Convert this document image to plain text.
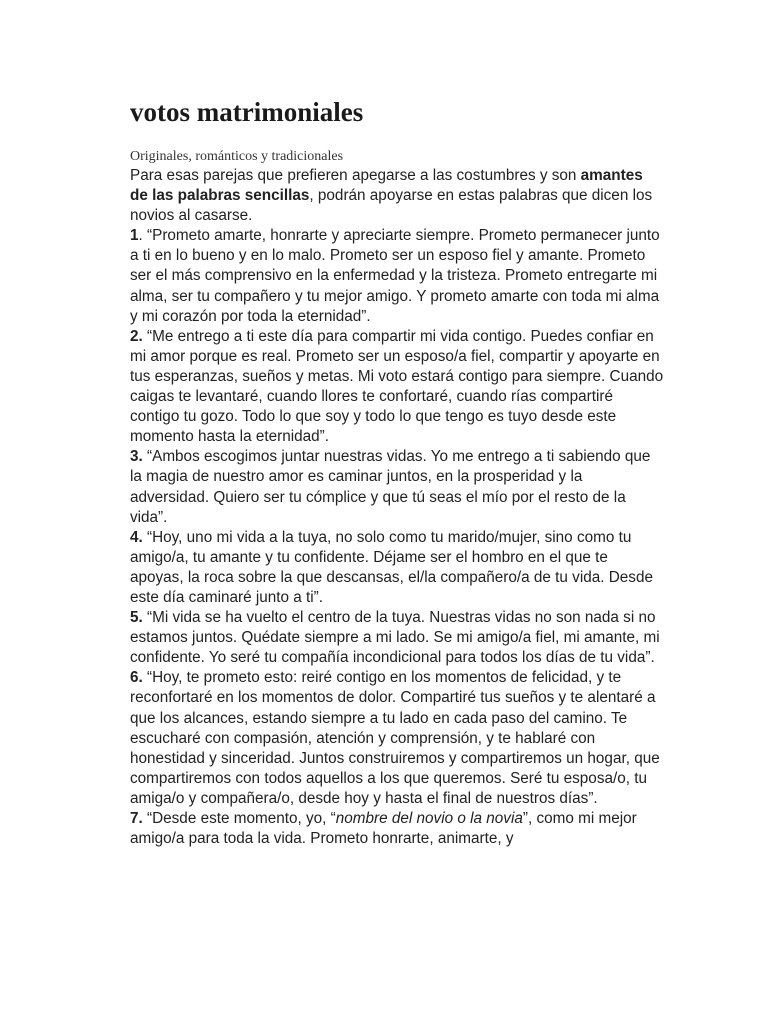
votos matrimoniales

Originales, románticos y tradicionales

Para esas parejas que prefieren apegarse a las costumbres y son amantes de las palabras sencillas, podrán apoyarse en estas palabras que dicen los novios al casarse.

1. “Prometo amarte, honrarte y apreciarte siempre. Prometo permanecer junto a ti en lo bueno y en lo malo. Prometo ser un esposo fiel y amante. Prometo ser el más comprensivo en la enfermedad y la tristeza. Prometo entregarte mi alma, ser tu compañero y tu mejor amigo. Y prometo amarte con toda mi alma y mi corazón por toda la eternidad”.

2. “Me entrego a ti este día para compartir mi vida contigo. Puedes confiar en mi amor porque es real. Prometo ser un esposo/a fiel, compartir y apoyarte en tus esperanzas, sueños y metas. Mi voto estará contigo para siempre. Cuando caigas te levantaré, cuando llores te confortaré, cuando rías compartiré contigo tu gozo. Todo lo que soy y todo lo que tengo es tuyo desde este momento hasta la eternidad”.

3. “Ambos escogimos juntar nuestras vidas. Yo me entrego a ti sabiendo que la magia de nuestro amor es caminar juntos, en la prosperidad y la adversidad. Quiero ser tu cómplice y que tú seas el mío por el resto de la vida”.

4. “Hoy, uno mi vida a la tuya, no solo como tu marido/mujer, sino como tu amigo/a, tu amante y tu confidente. Déjame ser el hombro en el que te apoyas, la roca sobre la que descansas, el/la compañero/a de tu vida. Desde este día caminaré junto a ti”.

5. “Mi vida se ha vuelto el centro de la tuya. Nuestras vidas no son nada si no estamos juntos. Quédate siempre a mi lado. Se mi amigo/a fiel, mi amante, mi confidente. Yo seré tu compañía incondicional para todos los días de tu vida”.

6. “Hoy, te prometo esto: reiré contigo en los momentos de felicidad, y te reconfortaré en los momentos de dolor. Compartiré tus sueños y te alentaré a que los alcances, estando siempre a tu lado en cada paso del camino. Te escucharé con compasión, atención y comprensión, y te hablaré con honestidad y sinceridad. Juntos construiremos y compartiremos un hogar, que compartiremos con todos aquellos a los que queremos. Seré tu esposa/o, tu amiga/o y compañera/o, desde hoy y hasta el final de nuestros días”.

7. “Desde este momento, yo, “nombre del novio o la novia”, como mi mejor amigo/a para toda la vida. Prometo honrarte, animarte, y
